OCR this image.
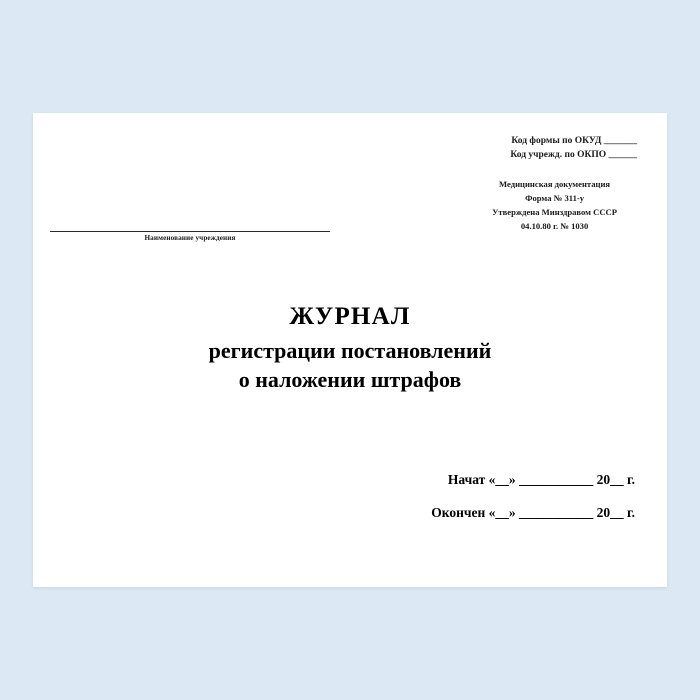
Код формы по ОКУД _______
Код учрежд. по ОКПО ______
Медицинская документация
Форма № 311-у
Утверждена Минздравом СССР
04.10.80 г. № 1030
Наименование учреждения
ЖУРНАЛ
регистрации постановлений
о наложении штрафов
Начат «__» ___________ 20__ г.
Окончен «__» ___________ 20__ г.
